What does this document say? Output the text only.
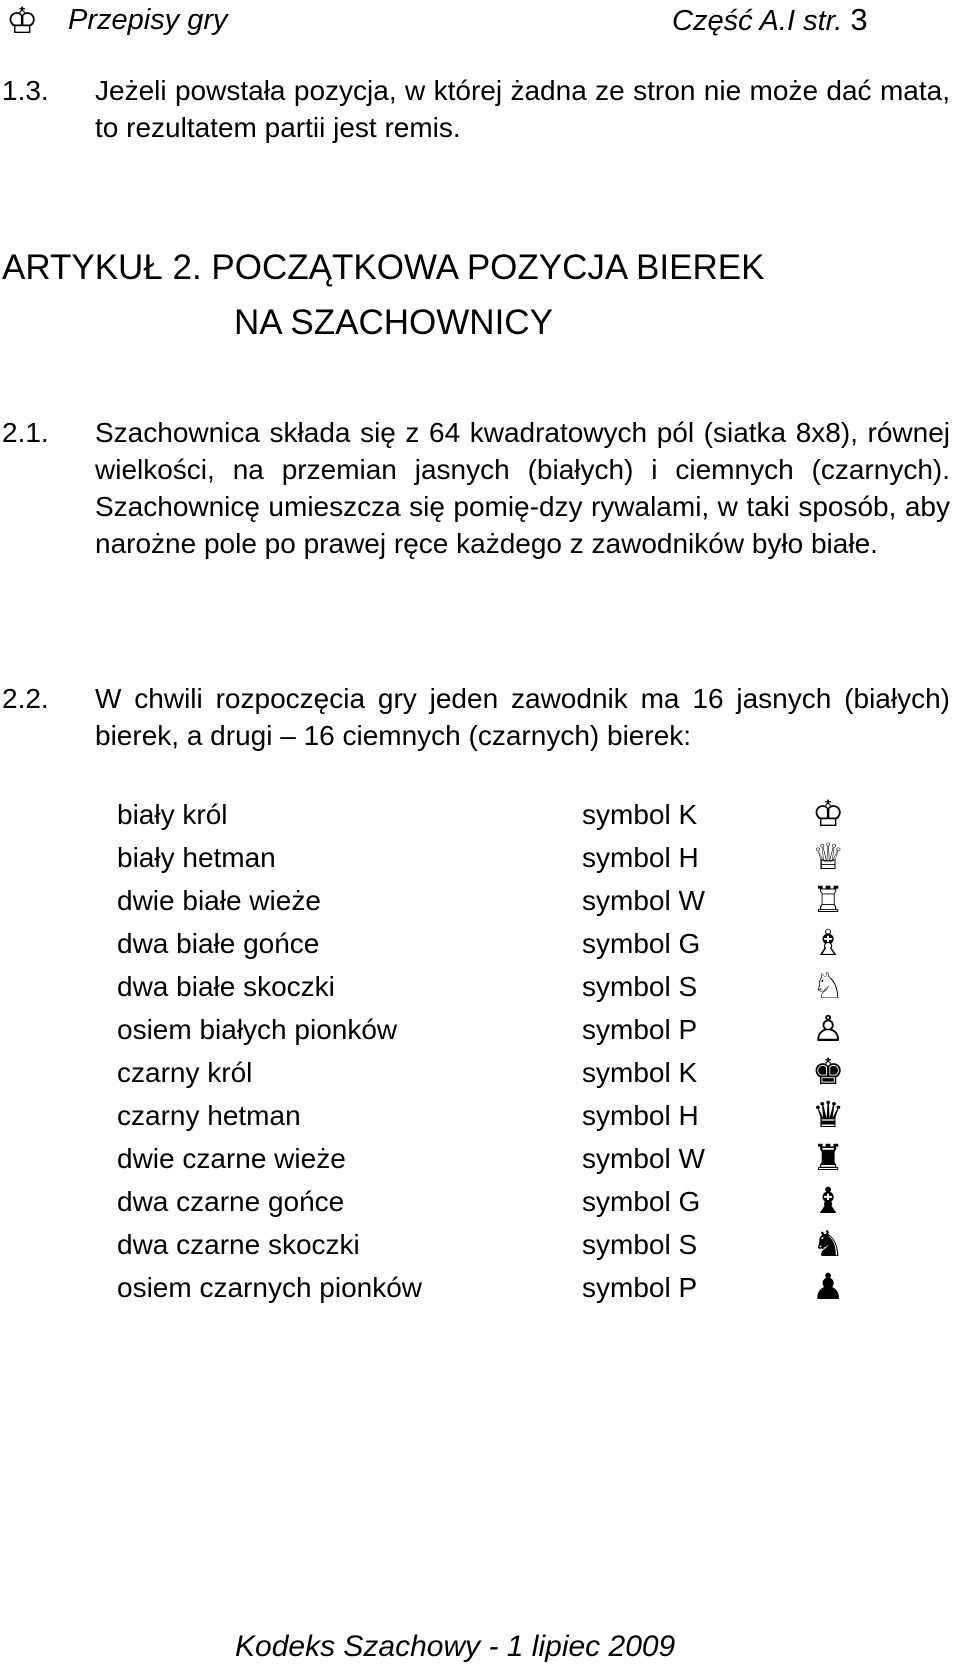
♔ Przepisy gry	Część A.I str. 3
1.3. Jeżeli powstała pozycja, w której żadna ze stron nie może dać mata, to rezultatem partii jest remis.
ARTYKUŁ 2. POCZĄTKOWA POZYCJA BIEREK
NA SZACHOWNICY
2.1. Szachownica składa się z 64 kwadratowych pól (siatka 8x8), równej wielkości, na przemian jasnych (białych) i ciemnych (czarnych). Szachownicę umieszcza się pomię-dzy rywalami, w taki sposób, aby narożne pole po prawej ręce każdego z zawodników było białe.
2.2. W chwili rozpoczęcia gry jeden zawodnik ma 16 jasnych (białych) bierek, a drugi – 16 ciemnych (czarnych) bierek:
biały król	symbol K	♔
biały hetman	symbol H	♕
dwie białe wieże	symbol W	♖
dwa białe gońce	symbol G	♗
dwa białe skoczki	symbol S	♘
osiem białych pionków	symbol P	♙
czarny król	symbol K	♚
czarny hetman	symbol H	♛
dwie czarne wieże	symbol W	♜
dwa czarne gońce	symbol G	♝
dwa czarne skoczki	symbol S	♞
osiem czarnych pionków	symbol P	♟
Kodeks Szachowy - 1 lipiec 2009
